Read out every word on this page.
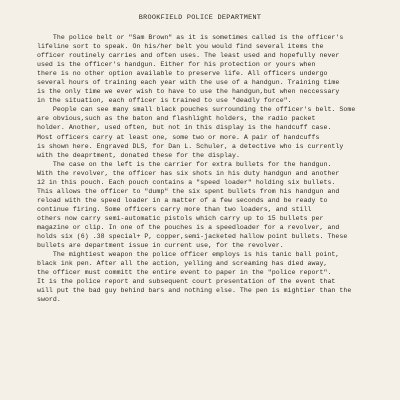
BROOKFIELD POLICE DEPARTMENT
The police belt or "Sam Brown" as it is sometimes called is the officer's
lifeline sort to speak. On his/her belt you would find several items the
officer routinely carries and often uses. The least used and hopefully never
used is the officer's handgun. Either for his protection or yours when
there is no other option available to preserve life. All officers undergo
several hours of training each year with the use of a handgun. Training time
is the only time we ever wish to have to use the handgun,but when neccessary
in the situation, each officer is trained to use "deadly force".
People can see many small black pouches surrounding the officer's belt. Some
are obvious,such as the baton and flashlight holders, the radio packet
holder. Another, used often, but not in this display is the handcuff case.
Most officers carry at least one, some two or more. A pair of handcuffs
is shown here. Engraved DLS, for Dan L. Schuler, a detective who is currently
with the deaprtment, donated these for the display.
The case on the left is the carrier for extra bullets for the handgun.
With the revolver, the officer has six shots in his duty handgun and another
12 in this pouch. Each pouch contains a "speed loader" holding six bullets.
This allows the officer to "dump" the six spent bullets from his handgun and
reload with the speed loader in a matter of a few seconds and be ready to
continue firing. Some officers carry more than two loaders, and still
others now carry semi-automatic pistols which carry up to 15 bullets per
magazine or clip. In one of the pouches is a speedloader for a revolver, and
holds six (6) .38 special+ P, copper,semi-jacketed hallow point bullets. These
bullets are department issue in current use, for the revolver.
The mightiest weapon the police officer employs is his tanic ball point,
black ink pen. After all the action, yelling and screaming has died away,
the officer must committ the entire event to paper in the "police report".
It is the police report and subsequent court presentation of the event that
will put the bad guy behind bars and nothing else. The pen is mightier than the
sword.
